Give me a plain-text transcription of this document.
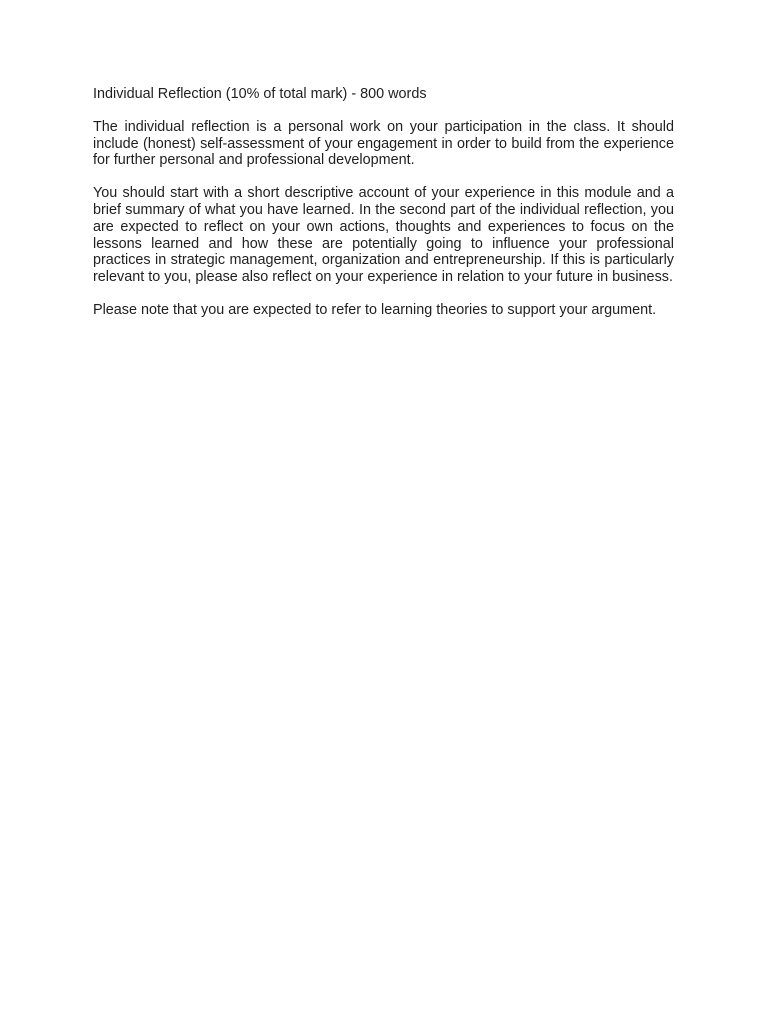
Individual Reflection (10% of total mark) - 800 words

The individual reflection is a personal work on your participation in the class. It should include (honest) self-assessment of your engagement in order to build from the experience for further personal and professional development.

You should start with a short descriptive account of your experience in this module and a brief summary of what you have learned. In the second part of the individual reflection, you are expected to reflect on your own actions, thoughts and experiences to focus on the lessons learned and how these are potentially going to influence your professional practices in strategic management, organization and entrepreneurship. If this is particularly relevant to you, please also reflect on your experience in relation to your future in business.

Please note that you are expected to refer to learning theories to support your argument.
